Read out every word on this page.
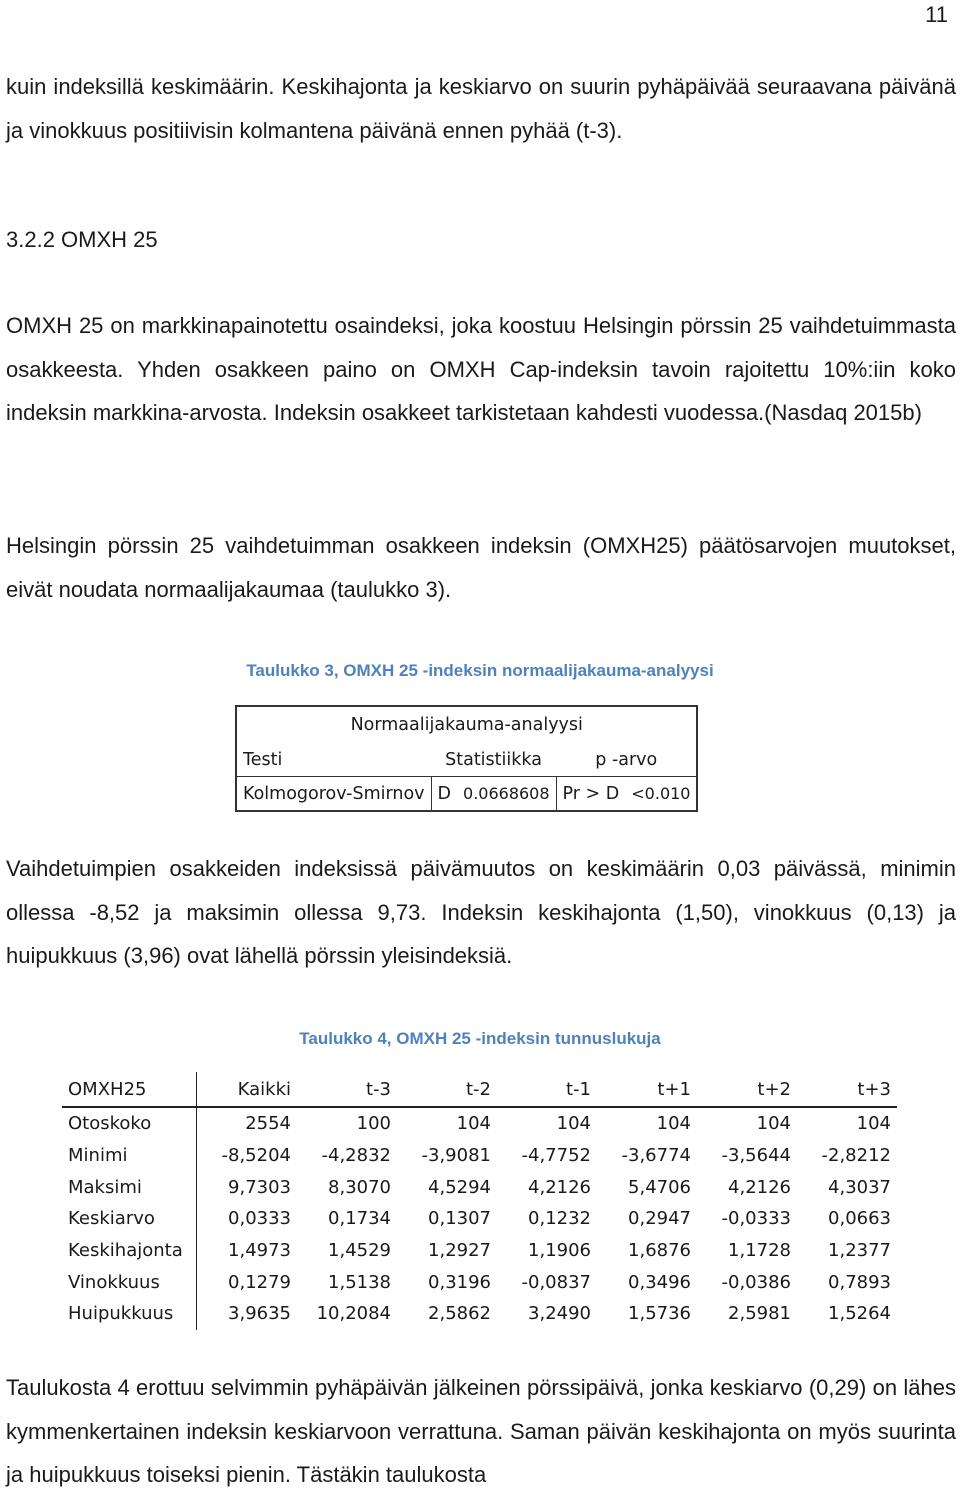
11

kuin indeksillä keskimäärin. Keskihajonta ja keskiarvo on suurin pyhäpäivää seuraavana päivänä ja vinokkuus positiivisin kolmantena päivänä ennen pyhää (t-3).

3.2.2 OMXH 25

OMXH 25 on markkinapainotettu osaindeksi, joka koostuu Helsingin pörssin 25 vaihdetuimmasta osakkeesta. Yhden osakkeen paino on OMXH Cap-indeksin tavoin rajoitettu 10%:iin koko indeksin markkina-arvosta. Indeksin osakkeet tarkistetaan kahdesti vuodessa.(Nasdaq 2015b)

Helsingin pörssin 25 vaihdetuimman osakkeen indeksin (OMXH25) päätösarvojen muutokset, eivät noudata normaalijakaumaa (taulukko 3).

Taulukko 3, OMXH 25 -indeksin normaalijakauma-analyysi

Normaalijakauma-analyysi				
Testi	Statistiikka		p -arvo	
Kolmogorov-Smirnov	D	0.0668608	Pr > D	<0.010

Vaihdetuimpien osakkeiden indeksissä päivämuutos on keskimäärin 0,03 päivässä, minimin ollessa -8,52 ja maksimin ollessa 9,73. Indeksin keskihajonta (1,50), vinokkuus (0,13) ja huipukkuus (3,96) ovat lähellä pörssin yleisindeksiä.

Taulukko 4, OMXH 25 -indeksin tunnuslukuja

OMXH25	Kaikki	t-3	t-2	t-1	t+1	t+2	t+3
Otoskoko	2554	100	104	104	104	104	104
Minimi	-8,5204	-4,2832	-3,9081	-4,7752	-3,6774	-3,5644	-2,8212
Maksimi	9,7303	8,3070	4,5294	4,2126	5,4706	4,2126	4,3037
Keskiarvo	0,0333	0,1734	0,1307	0,1232	0,2947	-0,0333	0,0663
Keskihajonta	1,4973	1,4529	1,2927	1,1906	1,6876	1,1728	1,2377
Vinokkuus	0,1279	1,5138	0,3196	-0,0837	0,3496	-0,0386	0,7893
Huipukkuus	3,9635	10,2084	2,5862	3,2490	1,5736	2,5981	1,5264

Taulukosta 4 erottuu selvimmin pyhäpäivän jälkeinen pörssipäivä, jonka keskiarvo (0,29) on lähes kymmenkertainen indeksin keskiarvoon verrattuna. Saman päivän keskihajonta on myös suurinta ja huipukkuus toiseksi pienin. Tästäkin taulukosta
